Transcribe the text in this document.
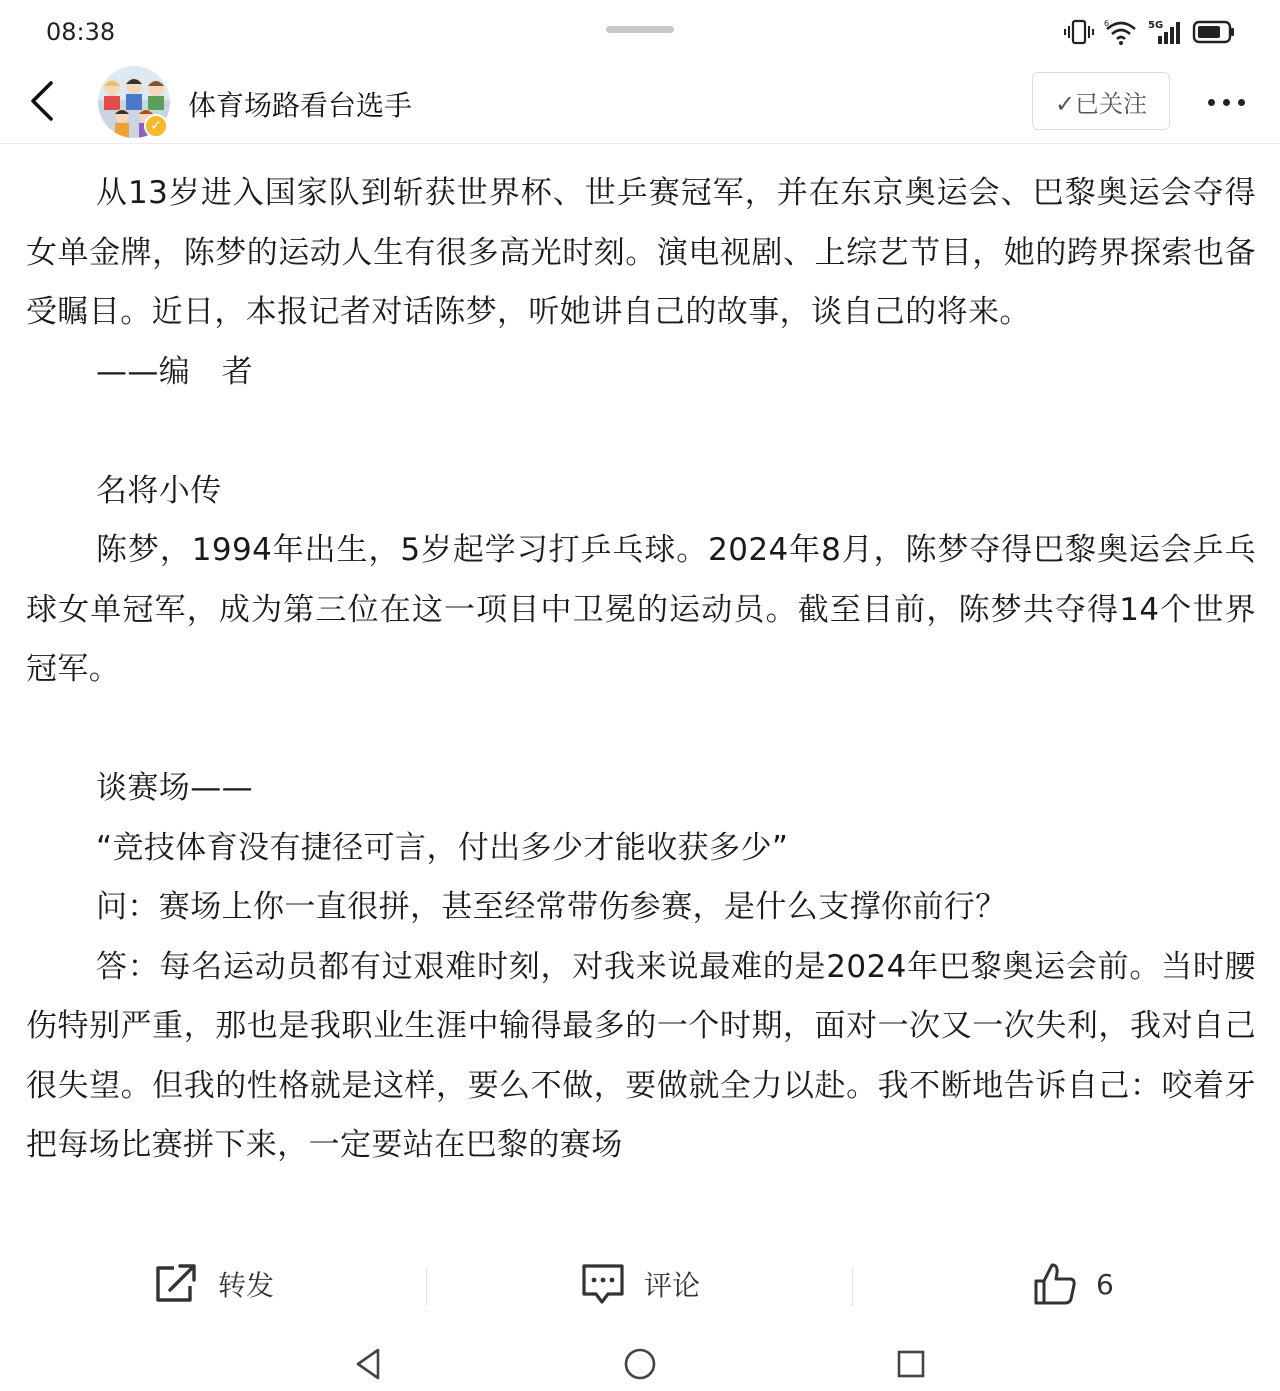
08:38	6	5G
✓
体育场路看台选手	✓已关注

从13岁进入国家队到斩获世界杯、世乒赛冠军，并在东京奥运会、巴黎奥运会夺得女单金牌，陈梦的运动人生有很多高光时刻。演电视剧、上综艺节目，她的跨界探索也备受瞩目。近日，本报记者对话陈梦，听她讲自己的故事，谈自己的将来。

——编　者

名将小传

陈梦，1994年出生，5岁起学习打乒乓球。2024年8月，陈梦夺得巴黎奥运会乒乓球女单冠军，成为第三位在这一项目中卫冕的运动员。截至目前，陈梦共夺得14个世界冠军。

谈赛场——

“竞技体育没有捷径可言，付出多少才能收获多少”

问：赛场上你一直很拼，甚至经常带伤参赛，是什么支撑你前行？

答：每名运动员都有过艰难时刻，对我来说最难的是2024年巴黎奥运会前。当时腰伤特别严重，那也是我职业生涯中输得最多的一个时期，面对一次又一次失利，我对自己很失望。但我的性格就是这样，要么不做，要做就全力以赴。我不断地告诉自己：咬着牙把每场比赛拼下来，一定要站在巴黎的赛场

转发	评论	6
